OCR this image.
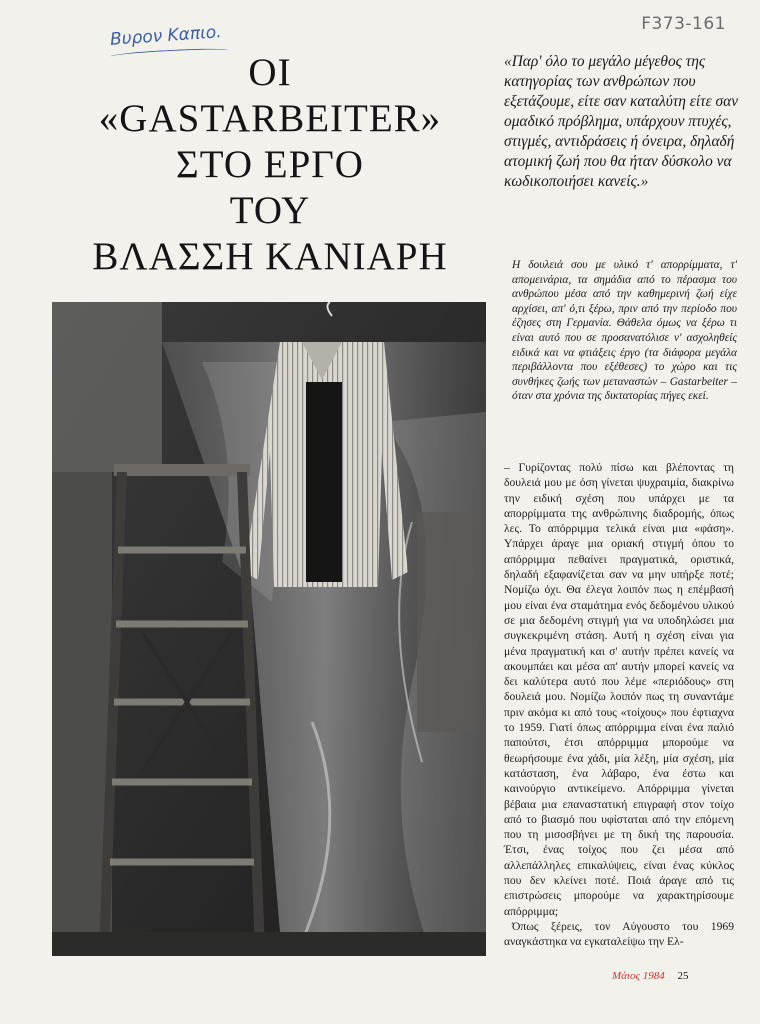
Βυρον Καπιο.	F373-161
ΟΙ
«GASTARBEITER»
ΣΤΟ ΕΡΓΟ
ΤΟΥ
ΒΛΑΣΣΗ ΚΑΝΙΑΡΗ
«Παρ' όλο το μεγάλο μέγεθος της κατηγορίας των ανθρώπων που εξετάζουμε, είτε σαν καταλύτη είτε σαν ομαδικό πρόβλημα, υπάρχουν πτυχές, στιγμές, αντιδράσεις ή όνειρα, δηλαδή ατομική ζωή που θα ήταν δύσκολο να κωδικοποιήσει κανείς.»
Η δουλειά σου με υλικό τ' απορρίμματα, τ' απομεινάρια, τα σημάδια από το πέρασμα του ανθρώπου μέσα από την καθημερινή ζωή είχε αρχίσει, απ' ό,τι ξέρω, πριν από την περίοδο που έζησες στη Γερμανία. Θάθελα όμως να ξέρω τι είναι αυτό που σε προσανατόλισε ν' ασχοληθείς ειδικά και να φτιάξεις έργο (τα διάφορα μεγάλα περιβάλλοντα που εξέθεσες) το χώρο και τις συνθήκες ζωής των μεταναστών – Gastarbeiter – όταν στα χρόνια της δικτατορίας πήγες εκεί.

– Γυρίζοντας πολύ πίσω και βλέποντας τη δουλειά μου με όση γίνεται ψυχραιμία, διακρίνω την ειδική σχέση που υπάρχει με τα απορρίμματα της ανθρώπινης διαδρομής, όπως λες. Το απόρριμμα τελικά είναι μια «φάση». Υπάρχει άραγε μια οριακή στιγμή όπου το απόρριμμα πεθαίνει πραγματικά, οριστικά, δηλαδή εξαφανίζεται σαν να μην υπήρξε ποτέ; Νομίζω όχι. Θα έλεγα λοιπόν πως η επέμβασή μου είναι ένα σταμάτημα ενός δεδομένου υλικού σε μια δεδομένη στιγμή για να υποδηλώσει μια συγκεκριμένη στάση. Αυτή η σχέση είναι για μένα πραγματική και σ' αυτήν πρέπει κανείς να ακουμπάει και μέσα απ' αυτήν μπορεί κανείς να δει καλύτερα αυτό που λέμε «περιόδους» στη δουλειά μου. Νομίζω λοιπόν πως τη συναντάμε πριν ακόμα κι από τους «τοίχους» που έφτιαχνα το 1959. Γιατί όπως απόρριμμα είναι ένα παλιό παπούτσι, έτσι απόρριμμα μπορούμε να θεωρήσουμε ένα χάδι, μία λέξη, μία σχέση, μία κατάσταση, ένα λάβαρο, ένα έστω και καινούργιο αντικείμενο. Απόρριμμα γίνεται βέβαια μια επαναστατική επιγραφή στον τοίχο από το βιασμό που υφίσταται από την επόμενη που τη μισοσβήνει με τη δική της παρουσία. Έτσι, ένας τοίχος που ζει μέσα από αλλεπάλληλες επικαλύψεις, είναι ένας κύκλος που δεν κλείνει ποτέ. Ποιά άραγε από τις επιστρώσεις μπορούμε να χαρακτηρίσουμε απόρριμμα;

Όπως ξέρεις, τον Αύγουστο του 1969 αναγκάστηκα να εγκαταλείψω την Ελ-

Μάιος 1984 25
